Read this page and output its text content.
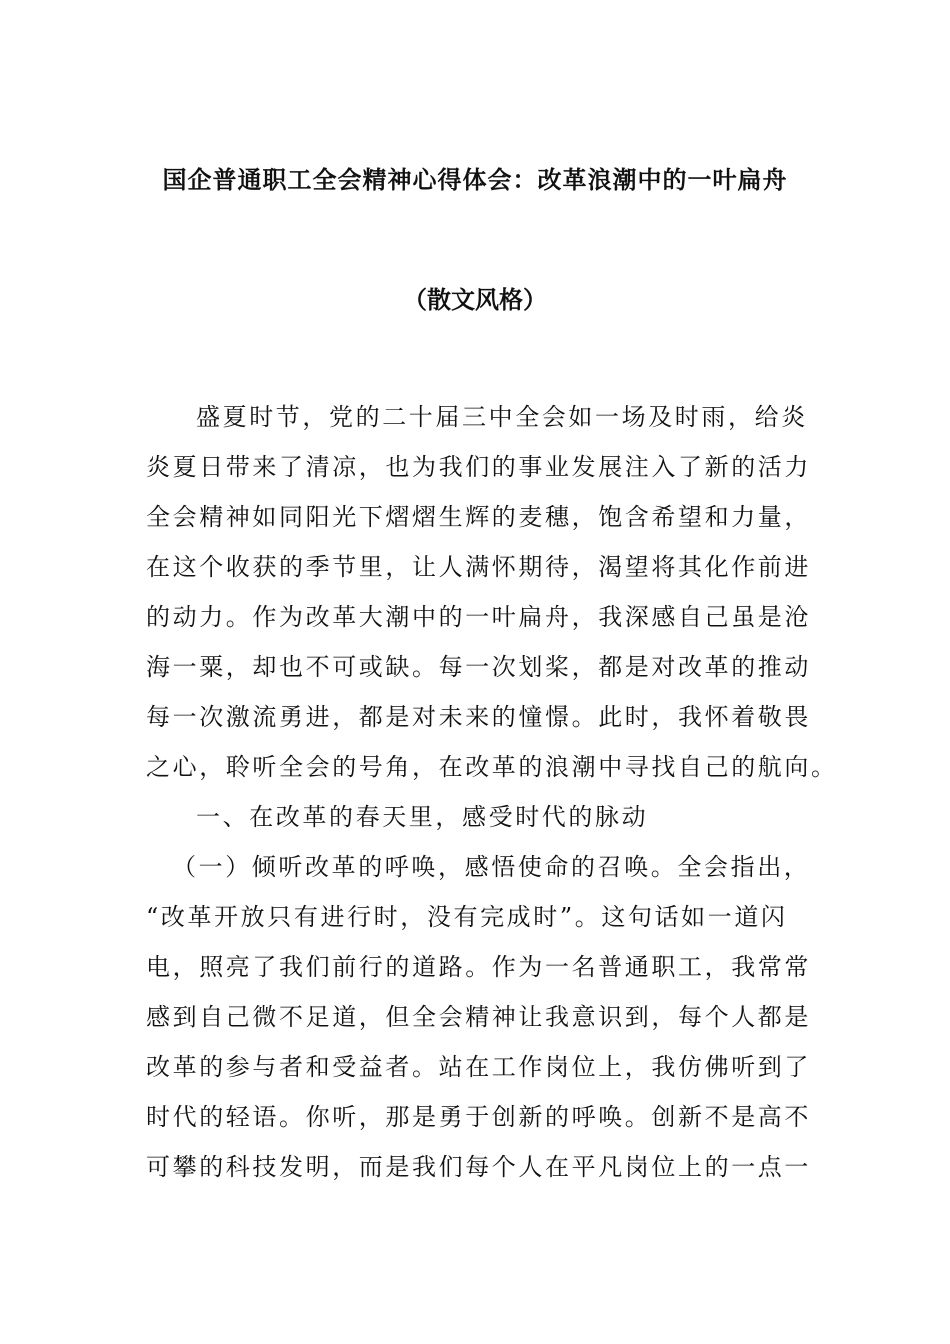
国企普通职工全会精神心得体会：改革浪潮中的一叶扁舟
（散文风格）
盛夏时节，党的二十届三中全会如一场及时雨，给炎
炎夏日带来了清凉，也为我们的事业发展注入了新的活力
全会精神如同阳光下熠熠生辉的麦穗，饱含希望和力量，
在这个收获的季节里，让人满怀期待，渴望将其化作前进
的动力。作为改革大潮中的一叶扁舟，我深感自己虽是沧
海一粟，却也不可或缺。每一次划桨，都是对改革的推动
每一次激流勇进，都是对未来的憧憬。此时，我怀着敬畏
之心，聆听全会的号角，在改革的浪潮中寻找自己的航向。
一、在改革的春天里，感受时代的脉动
（一）倾听改革的呼唤，感悟使命的召唤。全会指出，
“改革开放只有进行时，没有完成时”。这句话如一道闪
电，照亮了我们前行的道路。作为一名普通职工，我常常
感到自己微不足道，但全会精神让我意识到，每个人都是
改革的参与者和受益者。站在工作岗位上，我仿佛听到了
时代的轻语。你听，那是勇于创新的呼唤。创新不是高不
可攀的科技发明，而是我们每个人在平凡岗位上的一点一
